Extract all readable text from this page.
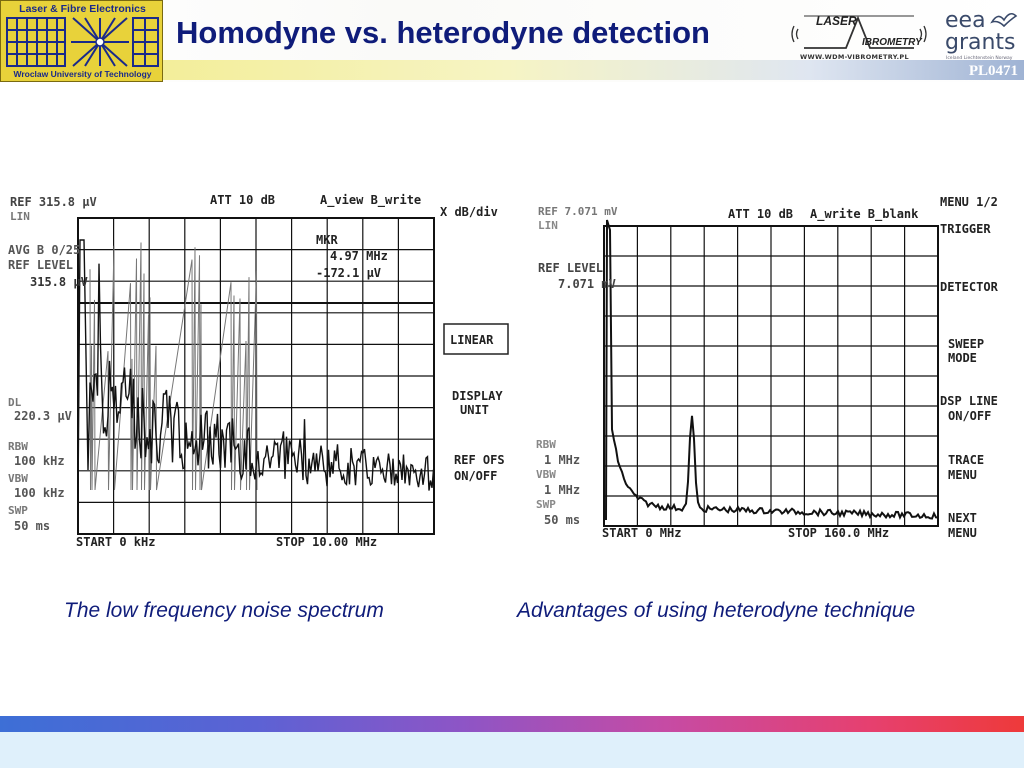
Laser & Fibre Electronics
Wroclaw University of Technology
Homodyne vs. heterodyne detection	LASER
IBROMETRY
WWW.WDM-VIBROMETRY.PL
eea
grants
Iceland Liechtenstein Norway
PL0471
REF 315.8 µV
LIN
ATT 10 dB	A_view B_write
X dB/div
AVG B 0/25
REF LEVEL
315.8 µV
MKR
4.97 MHz
-172.1 µV
DL
220.3 µV
RBW
100 kHz
VBW
100 kHz
SWP
50 ms
START 0 kHz	STOP 10.00 MHz
LINEAR
DISPLAY
UNIT
REF OFS
ON/OFF
REF 7.071 mV
LIN
ATT 10 dB A_write B_blank
REF LEVEL
7.071 mV
RBW
1 MHz
VBW
1 MHz
SWP
50 ms
START 0 MHz	STOP 160.0 MHz
MENU 1/2
TRIGGER
DETECTOR
SWEEP
MODE
DSP LINE
ON/OFF
TRACE
MENU
NEXT
MENU
The low frequency noise spectrum	Advantages of using heterodyne technique
